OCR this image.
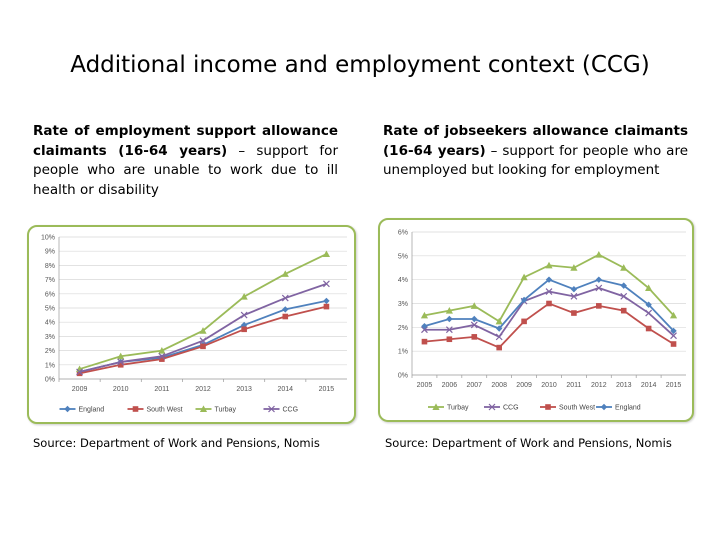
Additional income and employment context (CCG)
Rate of employment support allowance claimants (16-64 years) – support for people who are unable to work due to ill health or disability
Rate of jobseekers allowance claimants (16-64 years) – support for people who are unemployed but looking for employment
0%
1%
2%
3%
4%
5%
6%
7%
8%
9%
10%
2009	2010	2011	2012	2013	2014	2015
England	South West	Turbay	CCG
0%
1%
2%
3%
4%
5%
6%
2005 2006 2007 2008 2009 2010 2011 2012 2013 2014 2015
Turbay	CCG	South West	England
Source: Department of Work and Pensions, Nomis	Source: Department of Work and Pensions, Nomis
